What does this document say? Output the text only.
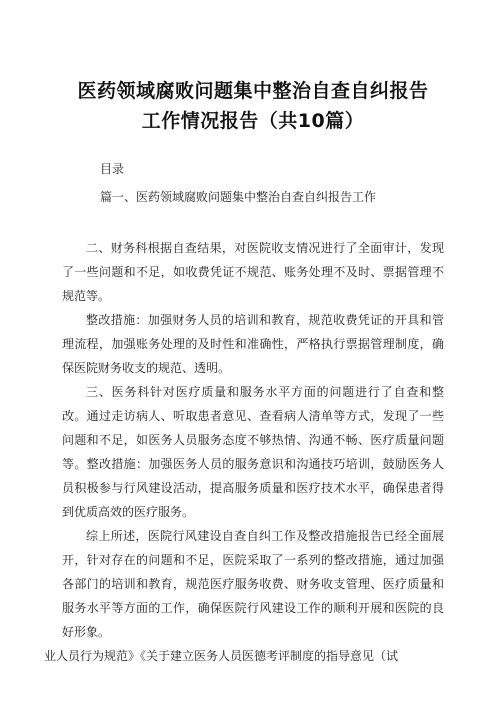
医药领域腐败问题集中整治自查自纠报告
工作情况报告（共10篇）
目录
篇一、医药领域腐败问题集中整治自查自纠报告工作

二、财务科根据自查结果，对医院收支情况进行了全面审计，发现了一些问题和不足，如收费凭证不规范、账务处理不及时、票据管理不规范等。

整改措施：加强财务人员的培训和教育，规范收费凭证的开具和管理流程，加强账务处理的及时性和准确性，严格执行票据管理制度，确保医院财务收支的规范、透明。

三、医务科针对医疗质量和服务水平方面的问题进行了自查和整改。通过走访病人、听取患者意见、查看病人清单等方式，发现了一些问题和不足，如医务人员服务态度不够热情、沟通不畅、医疗质量问题等。整改措施：加强医务人员的服务意识和沟通技巧培训，鼓励医务人员积极参与行风建设活动，提高服务质量和医疗技术水平，确保患者得到优质高效的医疗服务。

综上所述，医院行风建设自查自纠工作及整改措施报告已经全面展开，针对存在的问题和不足，医院采取了一系列的整改措施，通过加强各部门的培训和教育，规范医疗服务收费、财务收支管理、医疗质量和服务水平等方面的工作，确保医院行风建设工作的顺利开展和医院的良好形象。

业人员行为规范》《关于建立医务人员医德考评制度的指导意见（试
